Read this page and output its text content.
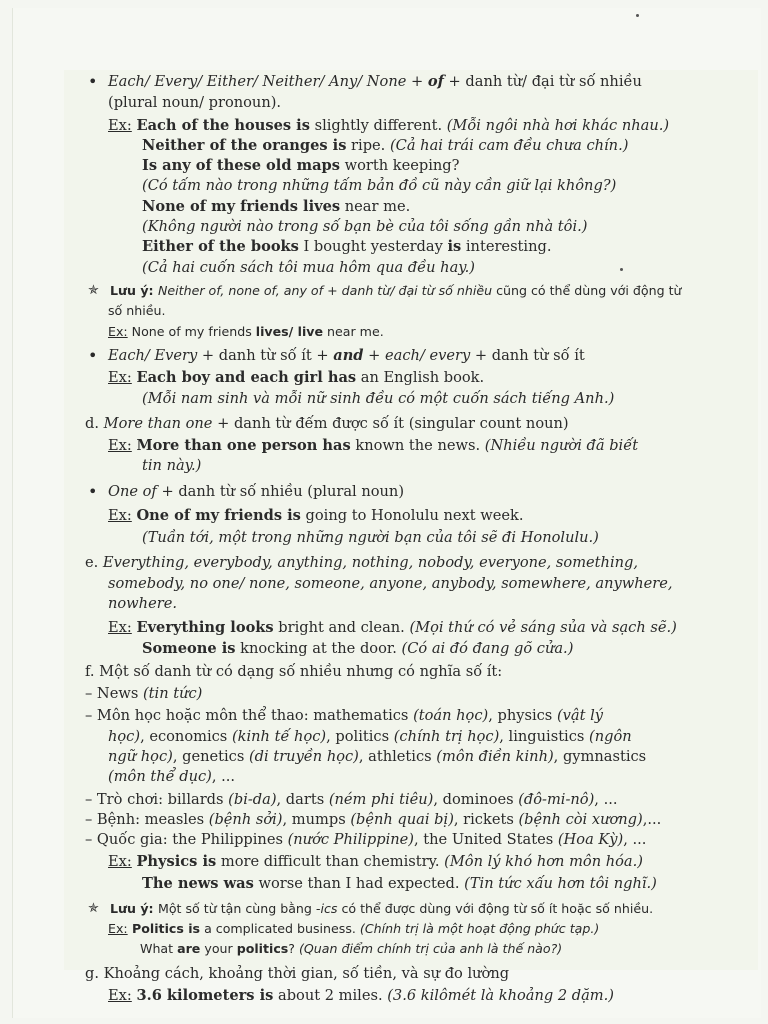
• Each/ Every/ Either/ Neither/ Any/ None + of + danh từ/ đại từ số nhiều
(plural noun/ pronoun).
Ex: Each of the houses is slightly different. (Mỗi ngôi nhà hơi khác nhau.)
Neither of the oranges is ripe. (Cả hai trái cam đều chưa chín.)
Is any of these old maps worth keeping?
(Có tấm nào trong những tấm bản đồ cũ này cần giữ lại không?)
None of my friends lives near me.
(Không người nào trong số bạn bè của tôi sống gần nhà tôi.)
Either of the books I bought yesterday is interesting.
(Cả hai cuốn sách tôi mua hôm qua đều hay.)
✯ Lưu ý: Neither of, none of, any of + danh từ/ đại từ số nhiều cũng có thể dùng với động từ
số nhiều.
Ex: None of my friends lives/ live near me.
• Each/ Every + danh từ số ít + and + each/ every + danh từ số ít
Ex: Each boy and each girl has an English book.
(Mỗi nam sinh và mỗi nữ sinh đều có một cuốn sách tiếng Anh.)
d. More than one + danh từ đếm được số ít (singular count noun)
Ex: More than one person has known the news. (Nhiều người đã biết
tin này.)
• One of + danh từ số nhiều (plural noun)
Ex: One of my friends is going to Honolulu next week.
(Tuần tới, một trong những người bạn của tôi sẽ đi Honolulu.)
e. Everything, everybody, anything, nothing, nobody, everyone, something,
somebody, no one/ none, someone, anyone, anybody, somewhere, anywhere,
nowhere.
Ex: Everything looks bright and clean. (Mọi thứ có vẻ sáng sủa và sạch sẽ.)
Someone is knocking at the door. (Có ai đó đang gõ cửa.)
f. Một số danh từ có dạng số nhiều nhưng có nghĩa số ít:
– News (tin tức)
– Môn học hoặc môn thể thao: mathematics (toán học), physics (vật lý
học), economics (kinh tế học), politics (chính trị học), linguistics (ngôn
ngữ học), genetics (di truyền học), athletics (môn điền kinh), gymnastics
(môn thể dục), ...
– Trò chơi: billards (bi-da), darts (ném phi tiêu), dominoes (đô-mi-nô), ...
– Bệnh: measles (bệnh sởi), mumps (bệnh quai bị), rickets (bệnh còi xương),...
– Quốc gia: the Philippines (nước Philippine), the United States (Hoa Kỳ), ...
Ex: Physics is more difficult than chemistry. (Môn lý khó hơn môn hóa.)
The news was worse than I had expected. (Tin tức xấu hơn tôi nghĩ.)
✯ Lưu ý: Một số từ tận cùng bằng -ics có thể được dùng với động từ số ít hoặc số nhiều.
Ex: Politics is a complicated business. (Chính trị là một hoạt động phức tạp.)
What are your politics? (Quan điểm chính trị của anh là thế nào?)
g. Khoảng cách, khoảng thời gian, số tiền, và sự đo lường
Ex: 3.6 kilometers is about 2 miles. (3.6 kilômét là khoảng 2 dặm.)
